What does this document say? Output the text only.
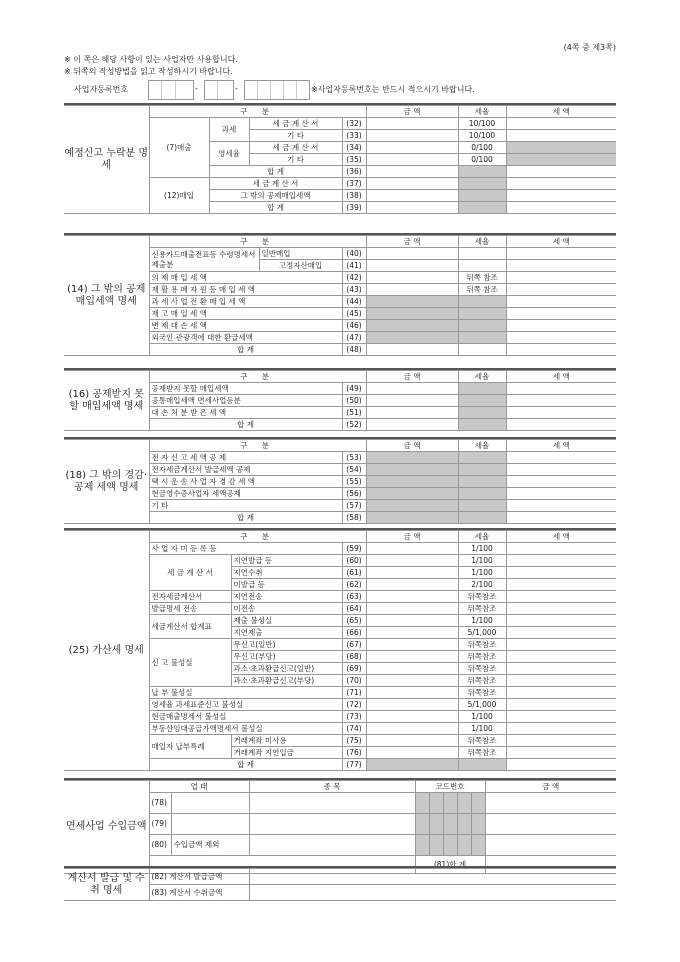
(4쪽 중 제3쪽)
※ 이 쪽은 해당 사항이 있는 사업자만 사용합니다.
※ 뒤쪽의 작성방법을 읽고 작성하시기 바랍니다.
사업자등록번호	-	-	※사업자등록번호는 반드시 적으시기 바랍니다.
예정신고 누락분 명세	구 분				금 액	세율	세 액
	(7)매출	과세	세 금 계 산 서	(32)		10/100	
			기 타	(33)		10/100	
		영세율	세 금 계 산 서	(34)		0/100	
			기 타	(35)		0/100	
		합 계		(36)			
	(12)매입	세 금 계 산 서		(37)			
		그 밖의 공제매입세액		(38)			
		합 계		(39)			
(14) 그 밖의 공제 매입세액 명세	구 분			금 액	세율	세 액
	신용카드매출전표등 수령명세서 제출분	일반매입	(40)			
		고정자산매입	(41)			
	의 제 매 입 세 액		(42)		뒤쪽 참조	
	재 활 용 폐 자 원 등 매 입 세 액		(43)		뒤쪽 참조	
	과 세 사 업 전 환 매 입 세 액		(44)			
	재 고 매 입 세 액		(45)			
	변 제 대 손 세 액		(46)			
	외국인 관광객에 대한 환급세액		(47)			
	합 계		(48)			
(16) 공제받지 못할 매입세액 명세	구 분		금 액	세율	세 액
	공제받지 못할 매입세액	(49)			
	공통매입세액 면세사업등분	(50)			
	대 손 처 분 받 은 세 액	(51)			
	합 계	(52)			
(18) 그 밖의 경감·공제 세액 명세	구 분		금 액	세율	세 액
	전 자 신 고 세 액 공 제	(53)			
	전자세금계산서 발급세액 공제	(54)			
	택 시 운 송 사 업 자 경 감 세 액	(55)			
	현금영수증사업자 세액공제	(56)			
	기 타	(57)			
	합 계	(58)			
(25) 가산세 명세	구 분			금 액	세율	세 액
	사 업 자 미 등 록 등		(59)		1/100	
	세 금 계 산 서	지연발급 등	(60)		1/100	
		지연수취	(61)		1/100	
		미발급 등	(62)		2/100	
	전자세금계산서	지연전송	(63)		뒤쪽참조	
	발급명세 전송	미전송	(64)		뒤쪽참조	
	세금계산서 합계표	제출 불성실	(65)		1/100	
		지연제출	(66)		5/1,000	
	신 고 불성실	무신고(일반)	(67)		뒤쪽참조	
		무신고(부당)	(68)		뒤쪽참조	
		과소·초과환급신고(일반)	(69)		뒤쪽참조	
		과소·초과환급신고(부당)	(70)		뒤쪽참조	
	납 부 불성실		(71)		뒤쪽참조	
	영세율 과세표준신고 불성실		(72)		5/1,000	
	현금매출명세서 불성실		(73)		1/100	
	부동산임대공급가액명세서 불성실		(74)		1/100	
	매입자 납부특례	거래계좌 미사용	(75)		뒤쪽참조	
		거래계좌 지연입금	(76)		뒤쪽참조	
	합 계		(77)			
면세사업 수입금액	업 태		종 목	코드번호					금 액
	(78)								
	(79)								
	(80)	수입금액 제외							
				(81)합 계					
계산서 발급 및 수취 명세	(82) 계산서 발급금액	
	(83) 계산서 수취금액	
